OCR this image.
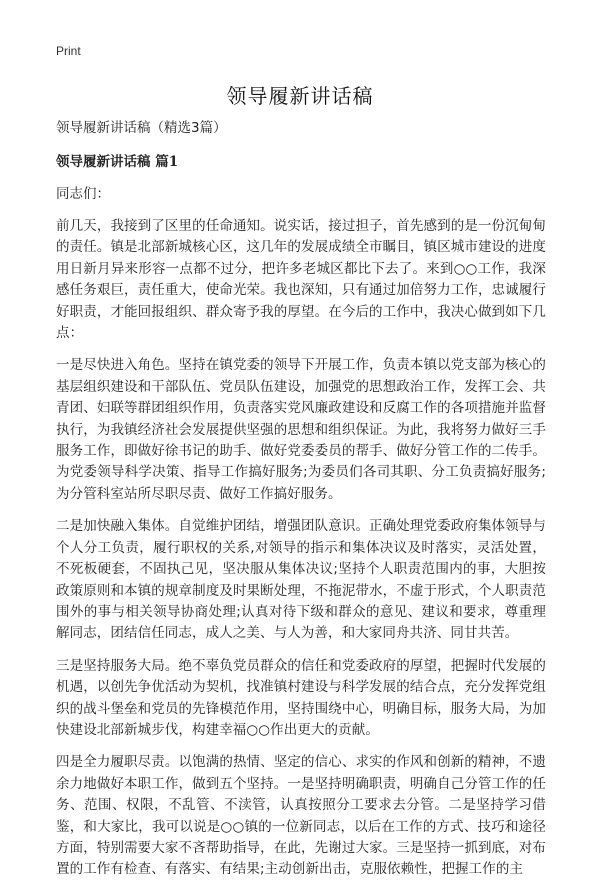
Print

领导履新讲话稿

领导履新讲话稿（精选3篇）

领导履新讲话稿 篇1

同志们：

前几天，我接到了区里的任命通知。说实话，接过担子，首先感到的是一份沉甸甸的责任。镇是北部新城核心区，这几年的发展成绩全市瞩目，镇区城市建设的进度用日新月异来形容一点都不过分，把许多老城区都比下去了。来到○○工作，我深感任务艰巨，责任重大，使命光荣。我也深知，只有通过加倍努力工作，忠诚履行好职责，才能回报组织、群众寄予我的厚望。在今后的工作中，我决心做到如下几点：

一是尽快进入角色。坚持在镇党委的领导下开展工作，负责本镇以党支部为核心的基层组织建设和干部队伍、党员队伍建设，加强党的思想政治工作，发挥工会、共青团、妇联等群团组织作用，负责落实党风廉政建设和反腐工作的各项措施并监督执行，为我镇经济社会发展提供坚强的思想和组织保证。为此，我将努力做好三手服务工作，即做好徐书记的助手、做好党委委员的帮手、做好分管工作的二传手。为党委领导科学决策、指导工作搞好服务;为委员们各司其职、分工负责搞好服务;为分管科室站所尽职尽责、做好工作搞好服务。

二是加快融入集体。自觉维护团结，增强团队意识。正确处理党委政府集体领导与个人分工负责，履行职权的关系,对领导的指示和集体决议及时落实，灵活处置，不死板硬套，不固执己见，坚决服从集体决议;坚持个人职责范围内的事，大胆按政策原则和本镇的规章制度及时果断处理，不拖泥带水，不虚于形式，个人职责范围外的事与相关领导协商处理;认真对待下级和群众的意见、建议和要求，尊重理解同志，团结信任同志，成人之美、与人为善，和大家同舟共济、同甘共苦。

三是坚持服务大局。绝不辜负党员群众的信任和党委政府的厚望，把握时代发展的机遇，以创先争优活动为契机，找准镇村建设与科学发展的结合点，充分发挥党组织的战斗堡垒和党员的先锋模范作用，坚持围绕中心，明确目标，服务大局，为加快建设北部新城步伐，构建幸福○○作出更大的贡献。

四是全力履职尽责。以饱满的热情、坚定的信心、求实的作风和创新的精神，不遗余力地做好本职工作，做到五个坚持。一是坚持明确职责，明确自己分管工作的任务、范围、权限，不乱管、不渎管，认真按照分工要求去分管。二是坚持学习借鉴，和大家比，我可以说是○○镇的一位新同志，以后在工作的方式、技巧和途径方面，特别需要大家不吝帮助指导，在此，先谢过大家。三是坚持一抓到底，对布置的工作有检查、有落实、有结果;主动创新出击，克服依赖性，把握工作的主
